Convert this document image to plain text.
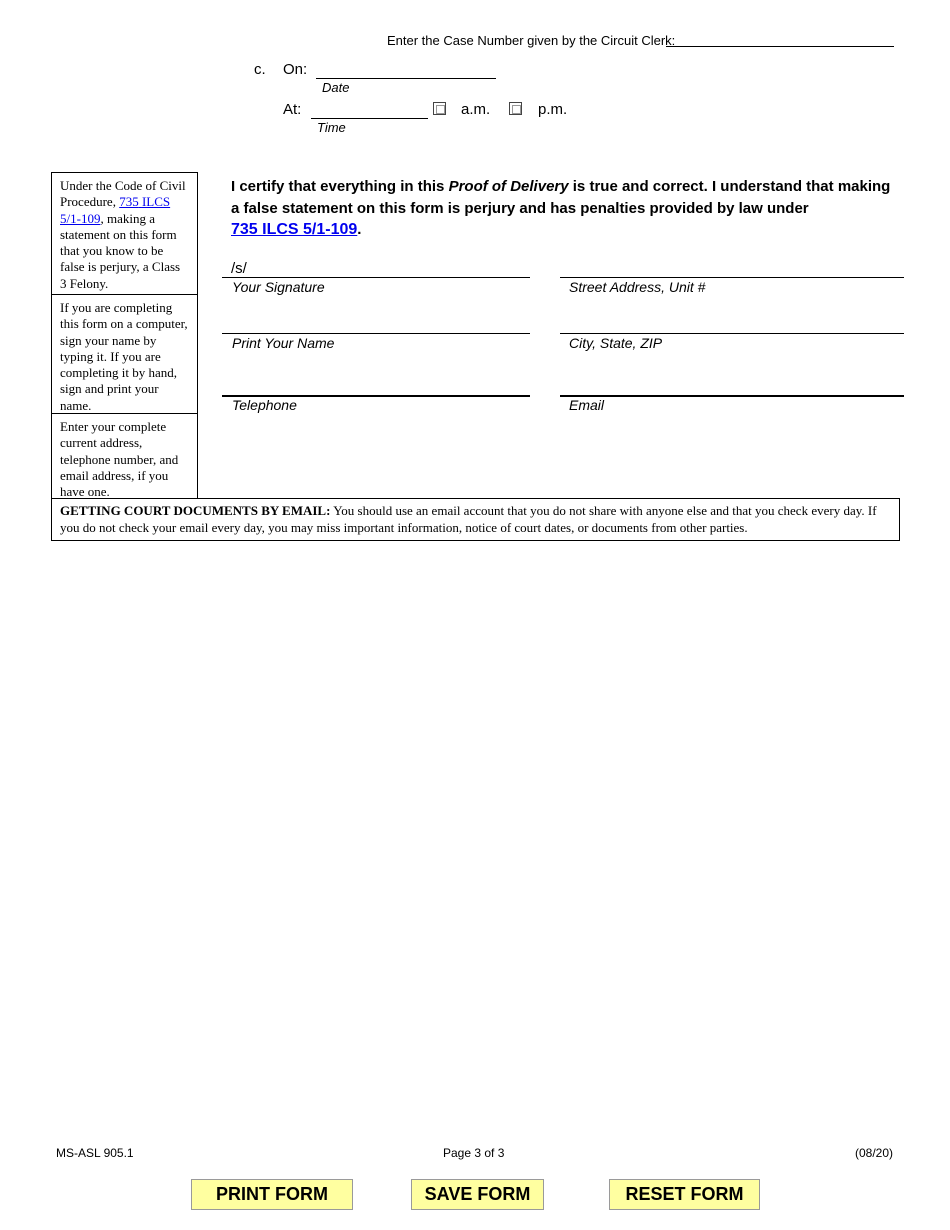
Enter the Case Number given by the Circuit Clerk:
c. On:
Date
At:
Time
a.m.	p.m.
Under the Code of Civil Procedure, 735 ILCS 5/1-109, making a statement on this form that you know to be false is perjury, a Class 3 Felony.
If you are completing this form on a computer, sign your name by typing it. If you are completing it by hand, sign and print your name.
Enter your complete current address, telephone number, and email address, if you have one.
I certify that everything in this Proof of Delivery is true and correct. I understand that making a false statement on this form is perjury and has penalties provided by law under
735 ILCS 5/1-109.
/s/
Your Signature	Street Address, Unit #
Print Your Name	City, State, ZIP
Telephone	Email
GETTING COURT DOCUMENTS BY EMAIL: You should use an email account that you do not share with anyone else and that you check every day. If you do not check your email every day, you may miss important information, notice of court dates, or documents from other parties.
MS-ASL 905.1	Page 3 of 3	(08/20)
PRINT FORM	SAVE FORM	RESET FORM
